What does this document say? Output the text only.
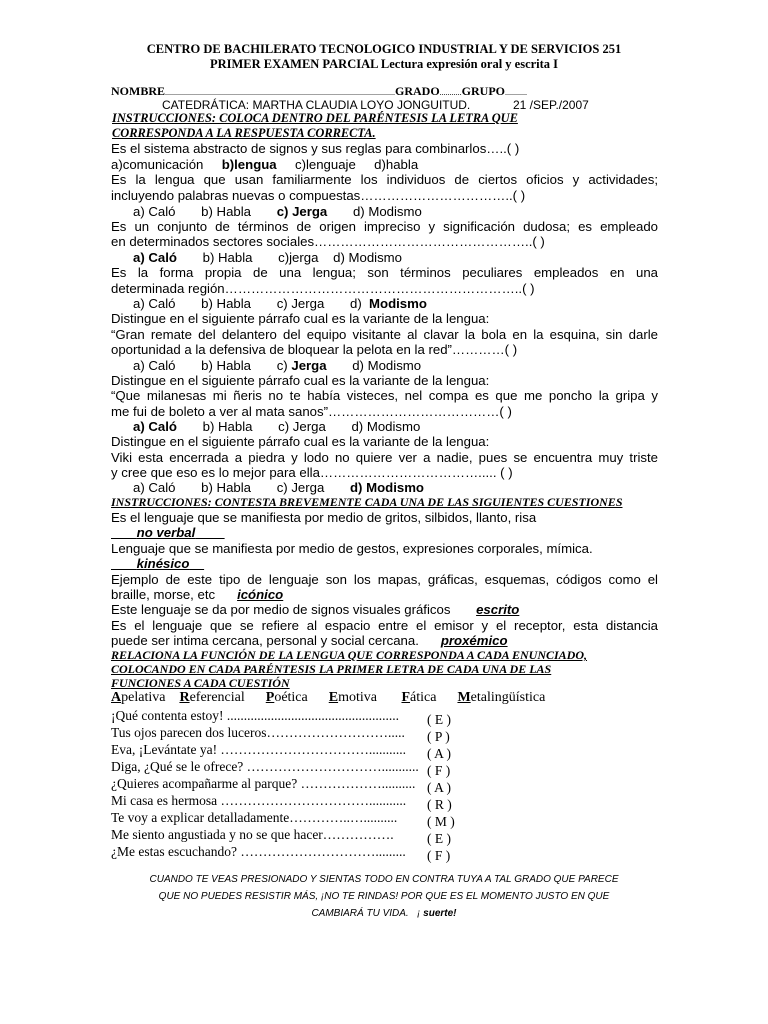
CENTRO DE BACHILERATO TECNOLOGICO INDUSTRIAL Y DE SERVICIOS 251
PRIMER EXAMEN PARCIAL Lectura expresión oral y escrita I
NOMBRE...................................................................................................................GRADO...........GRUPO...........
CATEDRÁTICA: MARTHA CLAUDIA LOYO JONGUITUD.	21 /SEP./2007
INSTRUCCIONES: COLOCA DENTRO DEL PARÉNTESIS LA LETRA QUE
CORRESPONDA A LA RESPUESTA CORRECTA.
Es el sistema abstracto de signos y sus reglas para combinarlos…..( )
a)comunicación b)lengua c)lenguaje d)habla
Es la lengua que usan familiarmente los individuos de ciertos oficios y actividades;
incluyendo palabras nuevas o compuestas……………………………..( )
a) Caló b) Habla c) Jerga d) Modismo
Es un conjunto de términos de origen impreciso y significación dudosa; es empleado
en determinados sectores sociales…………………………………………..( )
a) Caló b) Habla c)jerga d) Modismo
Es la forma propia de una lengua; son términos peculiares empleados en una
determinada región…………………………………………………………..( )
a) Caló b) Habla c) Jerga d) Modismo
Distingue en el siguiente párrafo cual es la variante de la lengua:
“Gran remate del delantero del equipo visitante al clavar la bola en la esquina, sin darle
oportunidad a la defensiva de bloquear la pelota en la red”…………( )
a) Caló b) Habla c) Jerga d) Modismo
Distingue en el siguiente párrafo cual es la variante de la lengua:
“Que milanesas mi ñeris no te había visteces, nel compa es que me poncho la gripa y
me fui de boleto a ver al mata sanos”…………………………………( )
a) Caló b) Habla c) Jerga d) Modismo
Distingue en el siguiente párrafo cual es la variante de la lengua:
Viki esta encerrada a piedra y lodo no quiere ver a nadie, pues se encuentra muy triste
y cree que eso es lo mejor para ella………………………………..... ( )
a) Caló b) Habla c) Jerga d) Modismo
INSTRUCCIONES: CONTESTA BREVEMENTE CADA UNA DE LAS SIGUIENTES CUESTIONES
Es el lenguaje que se manifiesta por medio de gritos, silbidos, llanto, risa
no verbal
Lenguaje que se manifiesta por medio de gestos, expresiones corporales, mímica.
kinésico
Ejemplo de este tipo de lenguaje son los mapas, gráficas, esquemas, códigos como el
braille, morse, etc icónico
Este lenguaje se da por medio de signos visuales gráficos escrito
Es el lenguaje que se refiere al espacio entre el emisor y el receptor, esta distancia
puede ser intima cercana, personal y social cercana. proxémico
RELACIONA LA FUNCIÓN DE LA LENGUA QUE CORRESPONDA A CADA ENUNCIADO,
COLOCANDO EN CADA PARÉNTESIS LA PRIMER LETRA DE CADA UNA DE LAS
FUNCIONES A CADA CUESTIÓN
Apelativa Referencial Poética Emotiva Fática Metalingüística
¡Qué contenta estoy! ................................................... ( E )
Tus ojos parecen dos luceros………………………..... ( P )
Eva, ¡Levántate ya! ……………………………........... ( A )
Diga, ¿Qué se le ofrece? …………………………........... ( F )
¿Quieres acompañarme al parque? ……………….......... ( A )
Mi casa es hermosa ……………………………........... ( R )
Te voy a explicar detalladamente…………..….......... ( M )
Me siento angustiada y no se que hacer…………….( E )
¿Me estas escuchando? …………………………......... ( F )
CUANDO TE VEAS PRESIONADO Y SIENTAS TODO EN CONTRA TUYA A TAL GRADO QUE PARECE
QUE NO PUEDES RESISTIR MÁS, ¡NO TE RINDAS! POR QUE ES EL MOMENTO JUSTO EN QUE
CAMBIARÁ TU VIDA. ¡ suerte!
